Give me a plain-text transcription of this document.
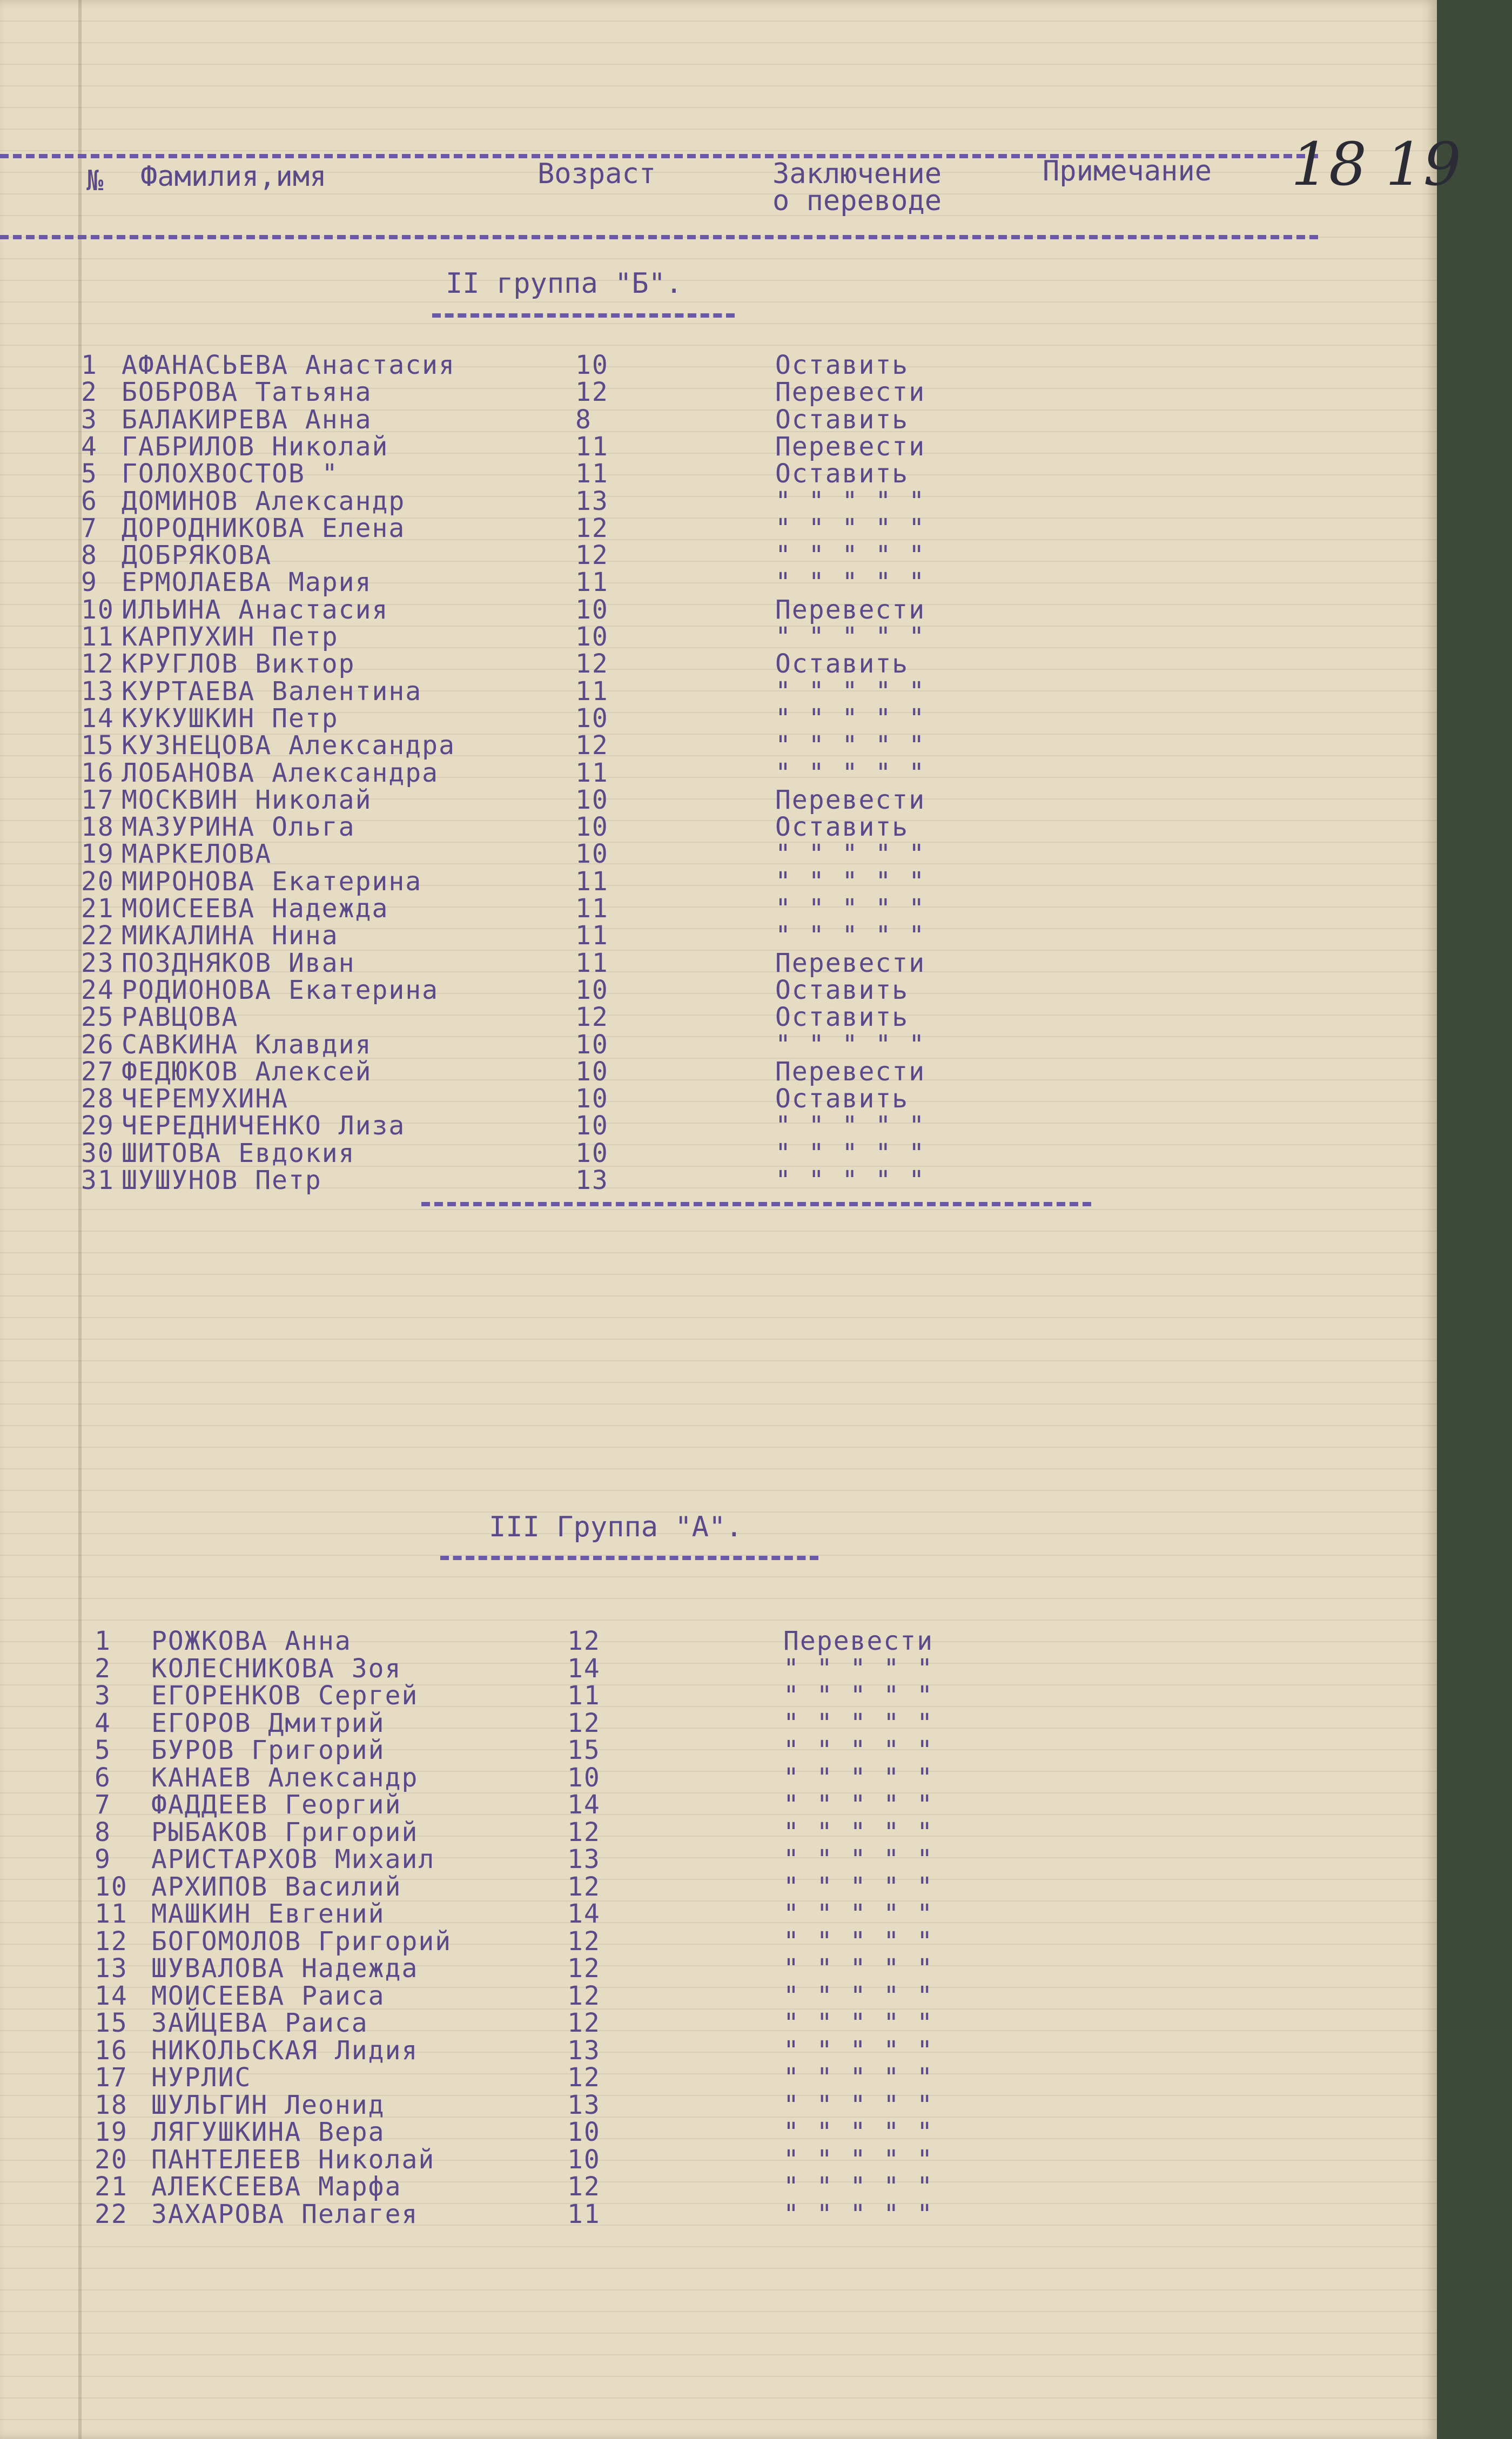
№ Фамилия,имя	Возраст	Заключение
о переводе
Примечание 18 19
II группа "Б".
1 АФАНАСЬЕВА Анастасия	10	Оставить
2 БОБРОВА Татьяна	12	Перевести
3 БАЛАКИРЕВА Анна	8	Оставить
4 ГАБРИЛОВ Николай	11	Перевести
5 ГОЛОХВОСТОВ "	11	Оставить
6 ДОМИНОВ Александр	13	" " " " "
7 ДОРОДНИКОВА Елена	12	" " " " "
8 ДОБРЯКОВА	12	" " " " "
9 ЕРМОЛАЕВА Мария	11	" " " " "
10 ИЛЬИНА Анастасия	10	Перевести
11 КАРПУХИН Петр	10	" " " " "
12 КРУГЛОВ Виктор	12	Оставить
13 КУРТАЕВА Валентина	11	" " " " "
14 КУКУШКИН Петр	10	" " " " "
15 КУЗНЕЦОВА Александра	12	" " " " "
16 ЛОБАНОВА Александра	11	" " " " "
17 МОСКВИН Николай	10	Перевести
18 МАЗУРИНА Ольга	10	Оставить
19 МАРКЕЛОВА	10	" " " " "
20 МИРОНОВА Екатерина	11	" " " " "
21 МОИСЕЕВА Надежда	11	" " " " "
22 МИКАЛИНА Нина	11	" " " " "
23 ПОЗДНЯКОВ Иван	11	Перевести
24 РОДИОНОВА Екатерина	10	Оставить
25 РАВЦОВА	12	Оставить
26 САВКИНА Клавдия	10	" " " " "
27 ФЕДЮКОВ Алексей	10	Перевести
28 ЧЕРЕМУХИНА	10	Оставить
29 ЧЕРЕДНИЧЕНКО Лиза	10	" " " " "
30 ШИТОВА Евдокия	10	" " " " "
31 ШУШУНОВ Петр	13	" " " " "
III Группа "А".
1 РОЖКОВА Анна	12	Перевести
2 КОЛЕСНИКОВА Зоя	14	" " " " "
3 ЕГОРЕНКОВ Сергей	11	" " " " "
4 ЕГОРОВ Дмитрий	12	" " " " "
5 БУРОВ Григорий	15	" " " " "
6 КАНАЕВ Александр	10	" " " " "
7 ФАДДЕЕВ Георгий	14	" " " " "
8 РЫБАКОВ Григорий	12	" " " " "
9 АРИСТАРХОВ Михаил	13	" " " " "
10 АРХИПОВ Василий	12	" " " " "
11 МАШКИН Евгений	14	" " " " "
12 БОГОМОЛОВ Григорий	12	" " " " "
13 ШУВАЛОВА Надежда	12	" " " " "
14 МОИСЕЕВА Раиса	12	" " " " "
15 ЗАЙЦЕВА Раиса	12	" " " " "
16 НИКОЛЬСКАЯ Лидия	13	" " " " "
17 НУРЛИС	12	" " " " "
18 ШУЛЬГИН Леонид	13	" " " " "
19 ЛЯГУШКИНА Вера	10	" " " " "
20 ПАНТЕЛЕЕВ Николай	10	" " " " "
21 АЛЕКСЕЕВА Марфа	12	" " " " "
22 ЗАХАРОВА Пелагея	11	" " " " "
